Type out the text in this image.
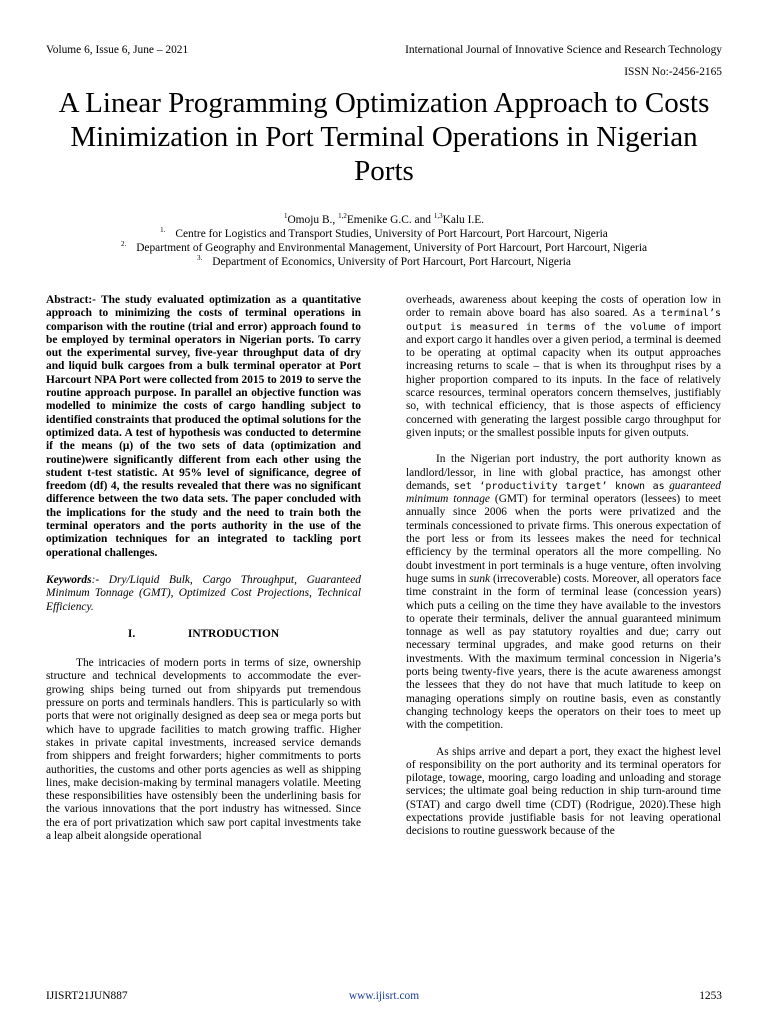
Volume 6, Issue 6, June – 2021	International Journal of Innovative Science and Research Technology
ISSN No:-2456-2165
A Linear Programming Optimization Approach to Costs Minimization in Port Terminal Operations in Nigerian Ports

$^1$Omoju B., $^{1,2}$Emenike G.C. and $^{1,3}$Kalu I.E.

$^{1.}$ Centre for Logistics and Transport Studies, University of Port Harcourt, Port Harcourt, Nigeria

$^{2.}$ Department of Geography and Environmental Management, University of Port Harcourt, Port Harcourt, Nigeria

$^{3.}$ Department of Economics, University of Port Harcourt, Port Harcourt, Nigeria

Abstract:- The study evaluated optimization as a quantitative approach to minimizing the costs of terminal operations in comparison with the routine (trial and error) approach found to be employed by terminal operators in Nigerian ports. To carry out the experimental survey, five-year throughput data of dry and liquid bulk cargoes from a bulk terminal operator at Port Harcourt NPA Port were collected from 2015 to 2019 to serve the routine approach purpose. In parallel an objective function was modelled to minimize the costs of cargo handling subject to identified constraints that produced the optimal solutions for the optimized data. A test of hypothesis was conducted to determine if the means (μ) of the two sets of data (optimization and routine)were significantly different from each other using the student t-test statistic. At 95% level of significance, degree of freedom (df) 4, the results revealed that there was no significant difference between the two data sets. The paper concluded with the implications for the study and the need to train both the terminal operators and the ports authority in the use of the optimization techniques for an integrated to tackling port operational challenges.

Keywords:- Dry/Liquid Bulk, Cargo Throughput, Guaranteed Minimum Tonnage (GMT), Optimized Cost Projections, Technical Efficiency.

I.	INTRODUCTION

The intricacies of modern ports in terms of size, ownership structure and technical developments to accommodate the ever-growing ships being turned out from shipyards put tremendous pressure on ports and terminals handlers. This is particularly so with ports that were not originally designed as deep sea or mega ports but which have to upgrade facilities to match growing traffic. Higher stakes in private capital investments, increased service demands from shippers and freight forwarders; higher commitments to ports authorities, the customs and other ports agencies as well as shipping lines, make decision-making by terminal managers volatile. Meeting these responsibilities have ostensibly been the underlining basis for the various innovations that the port industry has witnessed. Since the era of port privatization which saw port capital investments take a leap albeit alongside operational

overheads, awareness about keeping the costs of operation low in order to remain above board has also soared. As a terminal’s output is measured in terms of the volume of import and export cargo it handles over a given period, a terminal is deemed to be operating at optimal capacity when its output approaches increasing returns to scale – that is when its throughput rises by a higher proportion compared to its inputs. In the face of relatively scarce resources, terminal operators concern themselves, justifiably so, with technical efficiency, that is those aspects of efficiency concerned with generating the largest possible cargo throughput for given inputs; or the smallest possible inputs for given outputs.

In the Nigerian port industry, the port authority known as landlord/lessor, in line with global practice, has amongst other demands, set ‘productivity target’ known as guaranteed minimum tonnage (GMT) for terminal operators (lessees) to meet annually since 2006 when the ports were privatized and the terminals concessioned to private firms. This onerous expectation of the port less or from its lessees makes the need for technical efficiency by the terminal operators all the more compelling. No doubt investment in port terminals is a huge venture, often involving huge sums in sunk (irrecoverable) costs. Moreover, all operators face time constraint in the form of terminal lease (concession years) which puts a ceiling on the time they have available to the investors to operate their terminals, deliver the annual guaranteed minimum tonnage as well as pay statutory royalties and due; carry out necessary terminal upgrades, and make good returns on their investments. With the maximum terminal concession in Nigeria’s ports being twenty-five years, there is the acute awareness amongst the lessees that they do not have that much latitude to keep on managing operations simply on routine basis, even as constantly changing technology keeps the operators on their toes to meet up with the competition.

As ships arrive and depart a port, they exact the highest level of responsibility on the port authority and its terminal operators for pilotage, towage, mooring, cargo loading and unloading and storage services; the ultimate goal being reduction in ship turn-around time (STAT) and cargo dwell time (CDT) (Rodrigue, 2020).These high expectations provide justifiable basis for not leaving operational decisions to routine guesswork because of the

IJISRT21JUN887	www.ijisrt.com	1253
